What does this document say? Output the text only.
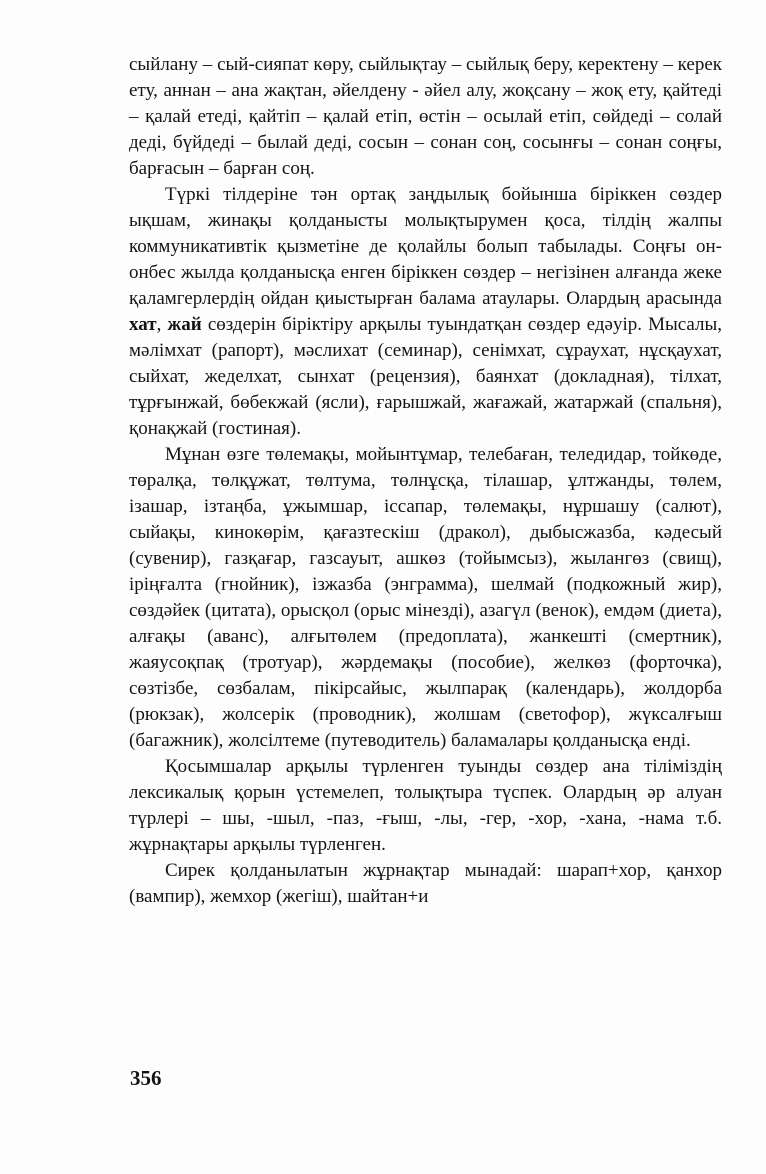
сыйлану – сый-сияпат көру, сыйлықтау – сыйлық беру, керектену – керек ету, аннан – ана жақтан, әйелдену - әйел алу, жоқсану – жоқ ету, қайтеді – қалай етеді, қайтіп – қалай етіп, өстін – осылай етіп, сөйдеді – солай деді, бүйдеді – былай деді, сосын – сонан соң, сосынғы – сонан соңғы, барғасын – барған соң.

Түркі тілдеріне тән ортақ заңдылық бойынша біріккен сөздер ықшам, жинақы қолданысты молықтырумен қоса, тілдің жалпы коммуникативтік қызметіне де қолайлы болып табылады. Соңғы он-онбес жылда қолданысқа енген біріккен сөздер – негізінен алғанда жеке қаламгерлердің ойдан қиыстырған балама атаулары. Олардың арасында хат, жай сөздерін біріктіру арқылы туындатқан сөздер едәуір. Мысалы, мәлімхат (рапорт), мәслихат (семинар), сенімхат, сұраухат, нұсқаухат, сыйхат, жеделхат, сынхат (рецензия), баянхат (докладная), тілхат, тұрғынжай, бөбекжай (ясли), ғарышжай, жағажай, жатаржай (спальня), қонақжай (гостиная).

Мұнан өзге төлемақы, мойынтұмар, телебаған, теледидар, тойкөде, төралқа, төлқұжат, төлтума, төлнұсқа, тілашар, ұлтжанды, төлем, ізашар, ізтаңба, ұжымшар, іссапар, төлемақы, нұршашу (салют), сыйақы, кинокөрім, қағазтескіш (дракол), дыбысжазба, кәдесый (сувенир), газқағар, газсауыт, ашкөз (тойымсыз), жылангөз (свищ), іріңғалта (гнойник), ізжазба (энграмма), шелмай (подкожный жир), сөздәйек (цитата), орысқол (орыс мінезді), азагүл (венок), емдәм (диета), алғақы (аванс), алғытөлем (предоплата), жанкешті (смертник), жаяусоқпақ (тротуар), жәрдемақы (пособие), желкөз (форточка), сөзтізбе, сөзбалам, пікірсайыс, жылпарақ (календарь), жолдорба (рюкзак), жолсерік (проводник), жолшам (светофор), жүксалғыш (багажник), жолсілтеме (путеводитель) баламалары қолданысқа енді.

Қосымшалар арқылы түрленген туынды сөздер ана тілімiздің лексикалық қорын үстемелеп, толықтыра түспек. Олардың әр алуан түрлері – шы, -шыл, -паз, -ғыш, -лы, -гер, -хор, -хана, -нама т.б. жұрнақтары арқылы түрленген.

Сирек қолданылатын жұрнақтар мынадай: шарап+хор, қанхор (вампир), жемхор (жегіш), шайтан+и

356
